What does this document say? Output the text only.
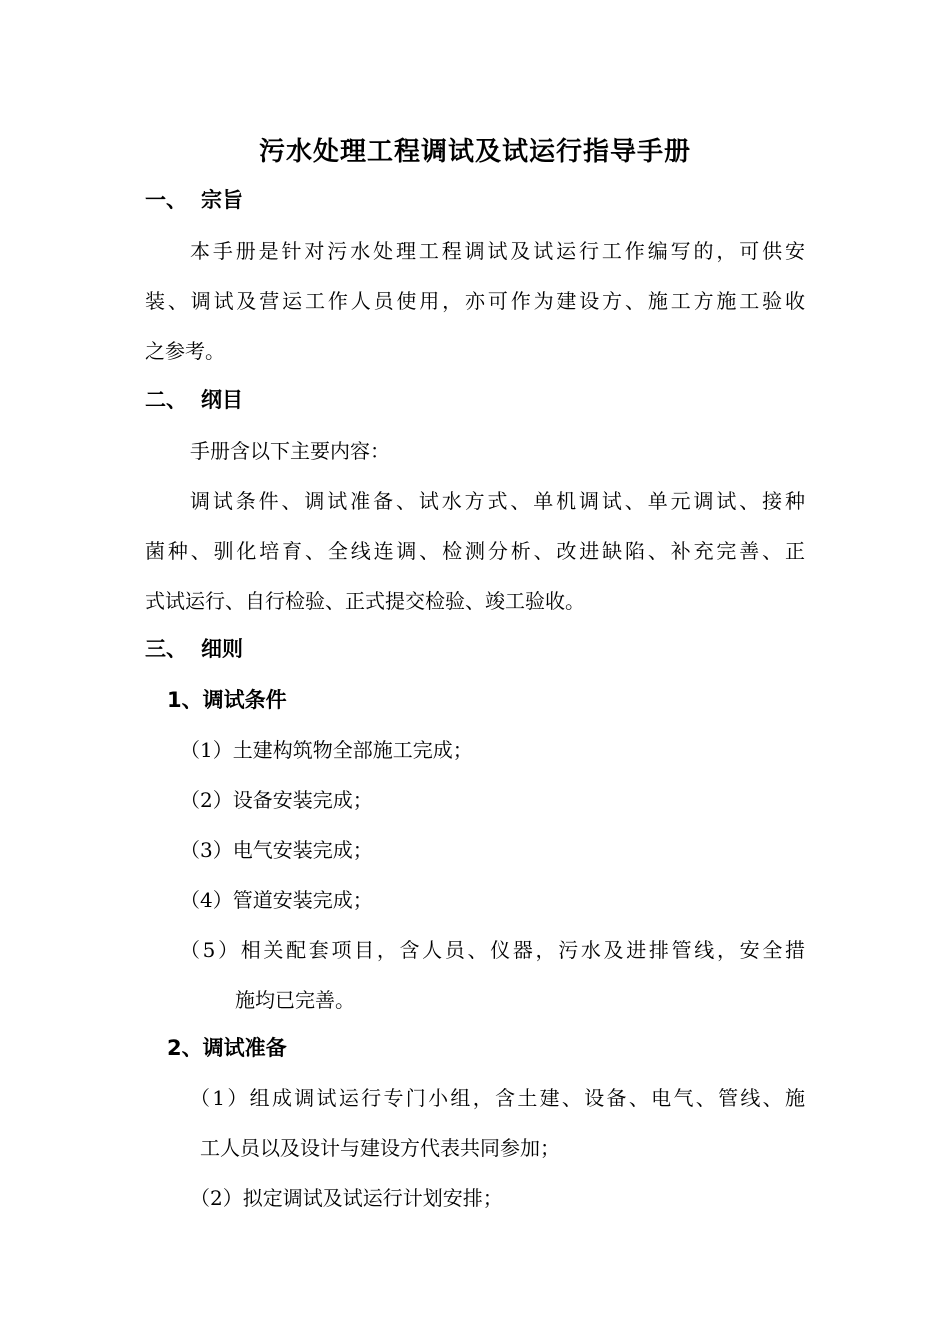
污水处理工程调试及试运行指导手册
一、 宗旨
本手册是针对污水处理工程调试及试运行工作编写的，可供安
装、调试及营运工作人员使用，亦可作为建设方、施工方施工验收
之参考。
二、 纲目
手册含以下主要内容：
调试条件、调试准备、试水方式、单机调试、单元调试、接种
菌种、驯化培育、全线连调、检测分析、改进缺陷、补充完善、正
式试运行、自行检验、正式提交检验、竣工验收。
三、 细则
1、调试条件
（1）土建构筑物全部施工完成；
（2）设备安装完成；
（3）电气安装完成；
（4）管道安装完成；
（5）相关配套项目，含人员、仪器，污水及进排管线，安全措
施均已完善。
2、调试准备
（1）组成调试运行专门小组，含土建、设备、电气、管线、施
工人员以及设计与建设方代表共同参加；
（2）拟定调试及试运行计划安排；
